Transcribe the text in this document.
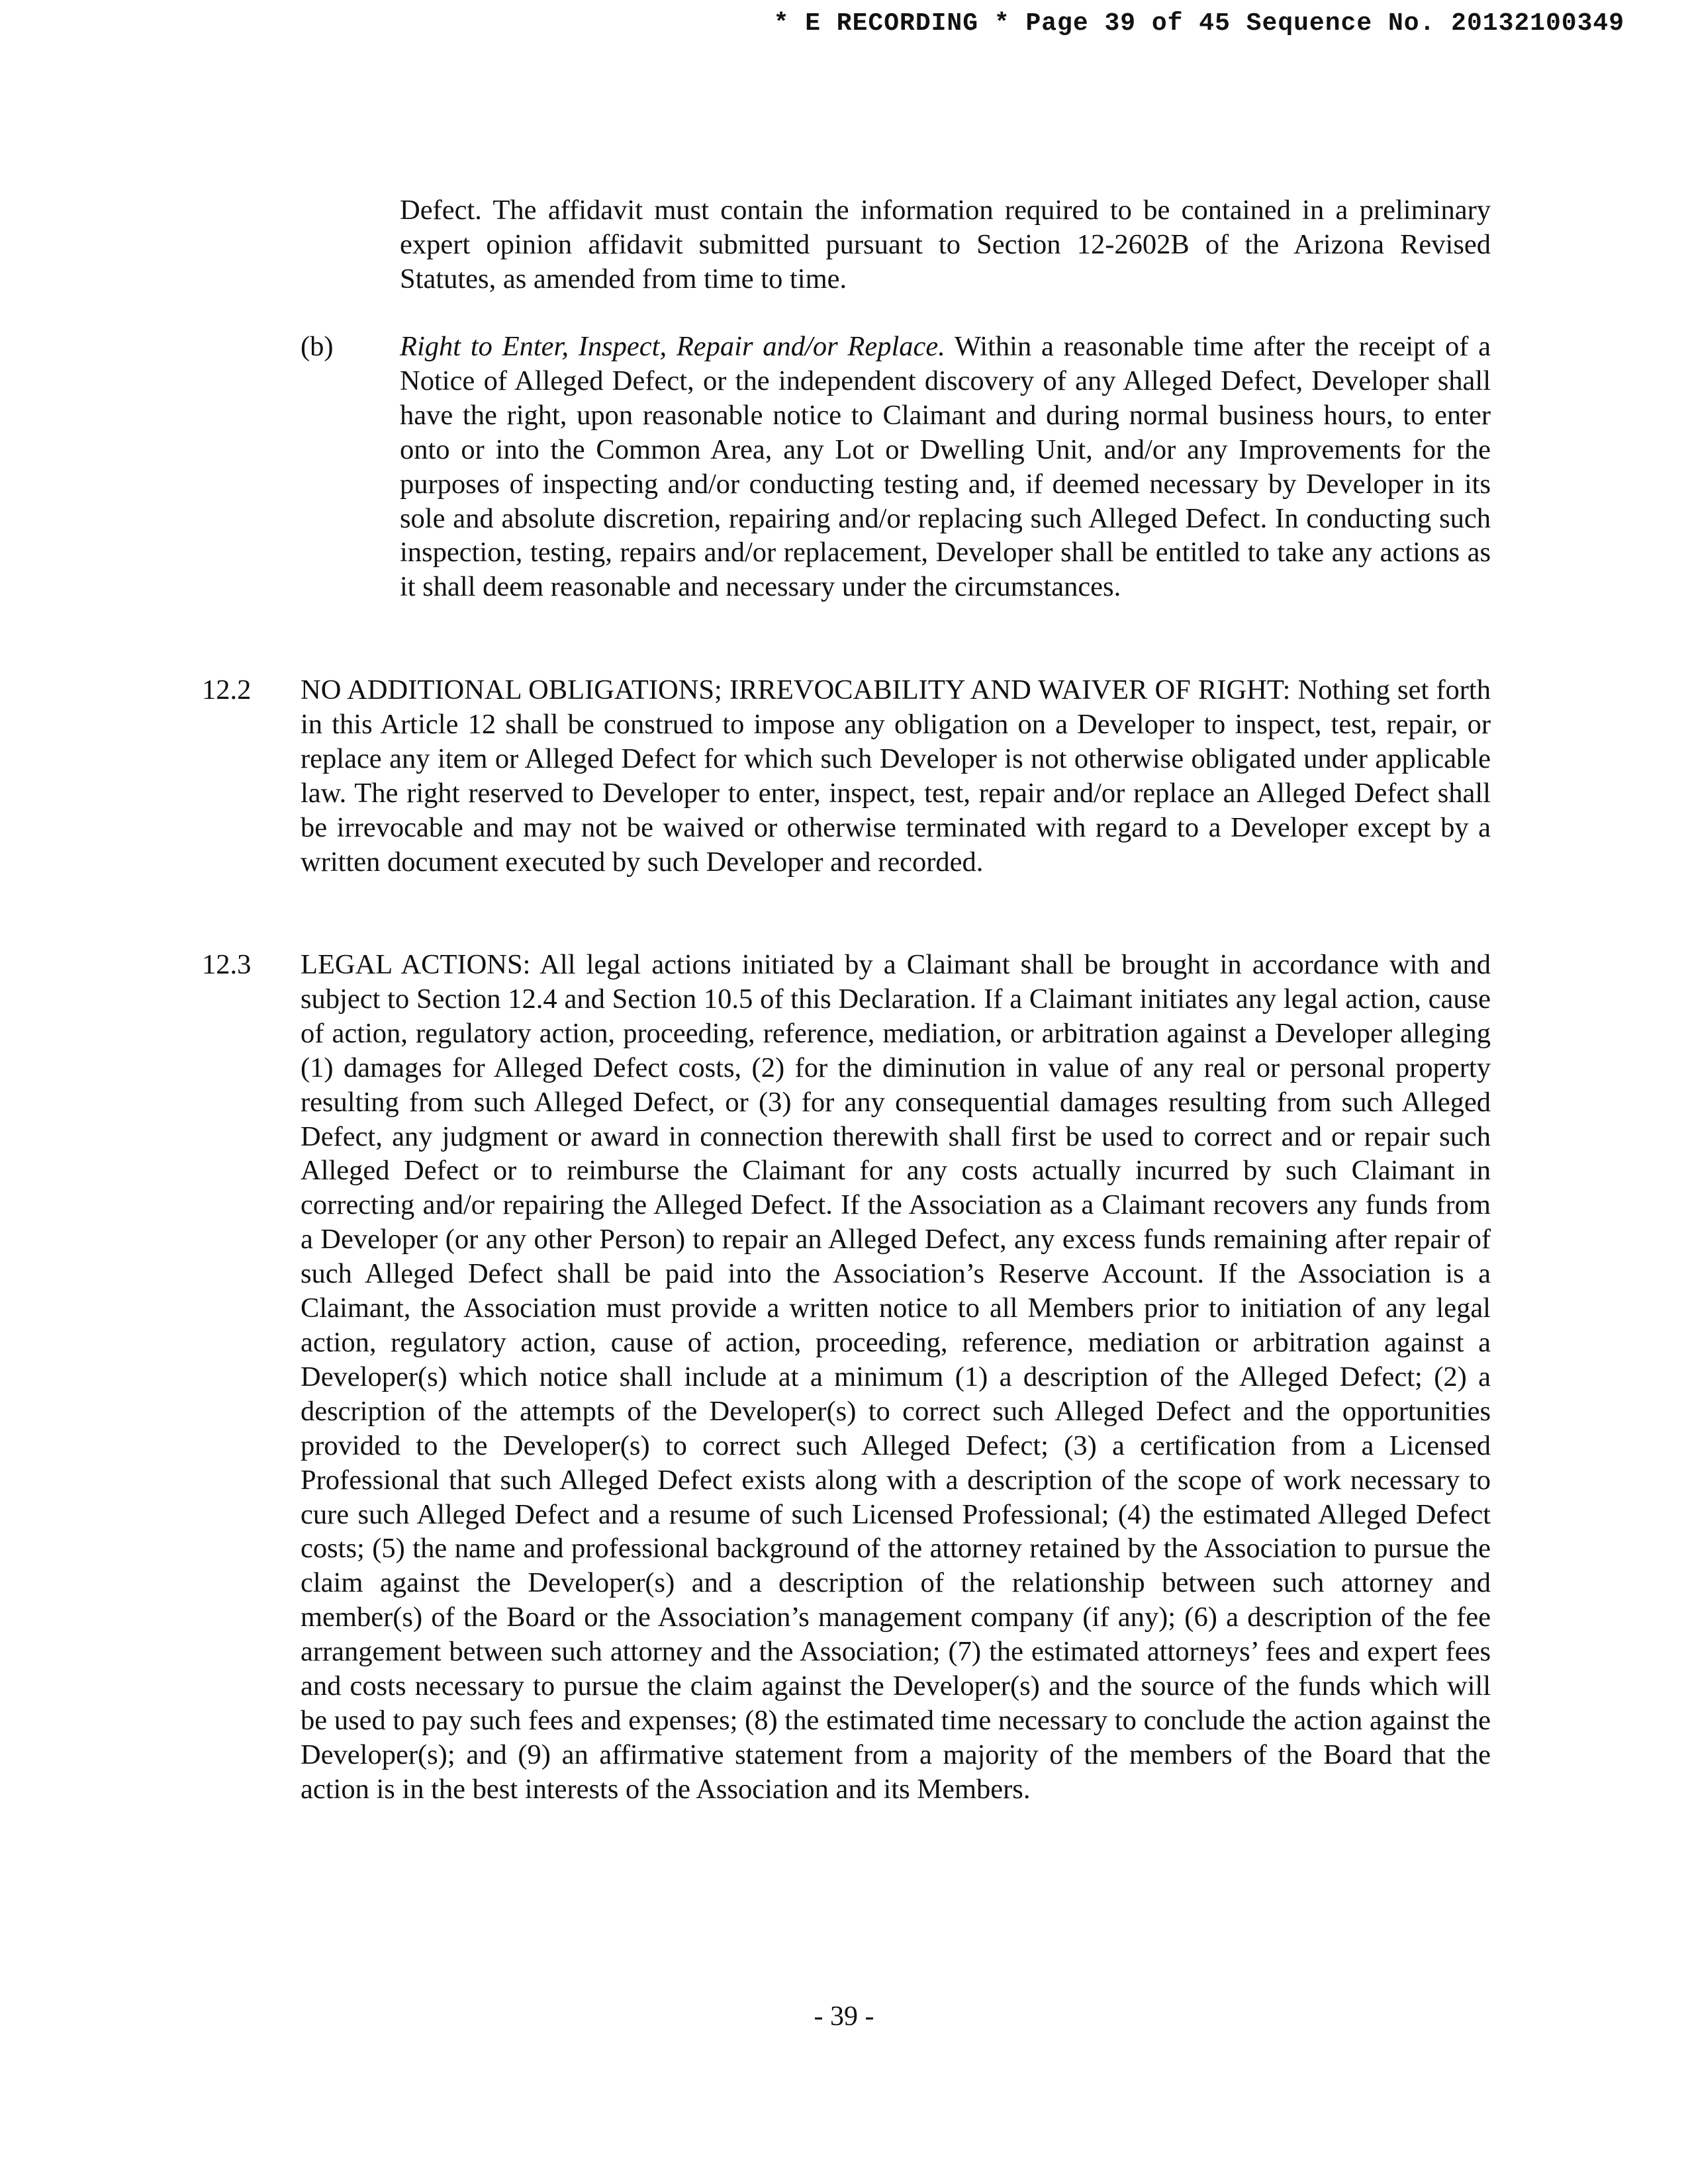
* E RECORDING * Page 39 of 45 Sequence No. 20132100349
Defect. The affidavit must contain the information required to be contained in a preliminary expert opinion affidavit submitted pursuant to Section 12-2602B of the Arizona Revised Statutes, as amended from time to time.
(b) Right to Enter, Inspect, Repair and/or Replace. Within a reasonable time after the receipt of a Notice of Alleged Defect, or the independent discovery of any Alleged Defect, Developer shall have the right, upon reasonable notice to Claimant and during normal business hours, to enter onto or into the Common Area, any Lot or Dwelling Unit, and/or any Improvements for the purposes of inspecting and/or conducting testing and, if deemed necessary by Developer in its sole and absolute discretion, repairing and/or replacing such Alleged Defect. In conducting such inspection, testing, repairs and/or replacement, Developer shall be entitled to take any actions as it shall deem reasonable and necessary under the circumstances.
12.2 NO ADDITIONAL OBLIGATIONS; IRREVOCABILITY AND WAIVER OF RIGHT: Nothing set forth in this Article 12 shall be construed to impose any obligation on a Developer to inspect, test, repair, or replace any item or Alleged Defect for which such Developer is not otherwise obligated under applicable law. The right reserved to Developer to enter, inspect, test, repair and/or replace an Alleged Defect shall be irrevocable and may not be waived or otherwise terminated with regard to a Developer except by a written document executed by such Developer and recorded.
12.3 LEGAL ACTIONS: All legal actions initiated by a Claimant shall be brought in accordance with and subject to Section 12.4 and Section 10.5 of this Declaration. If a Claimant initiates any legal action, cause of action, regulatory action, proceeding, reference, mediation, or arbitration against a Developer alleging (1) damages for Alleged Defect costs, (2) for the diminution in value of any real or personal property resulting from such Alleged Defect, or (3) for any consequential damages resulting from such Alleged Defect, any judgment or award in connection therewith shall first be used to correct and or repair such Alleged Defect or to reimburse the Claimant for any costs actually incurred by such Claimant in correcting and/or repairing the Alleged Defect. If the Association as a Claimant recovers any funds from a Developer (or any other Person) to repair an Alleged Defect, any excess funds remaining after repair of such Alleged Defect shall be paid into the Association’s Reserve Account. If the Association is a Claimant, the Association must provide a written notice to all Members prior to initiation of any legal action, regulatory action, cause of action, proceeding, reference, mediation or arbitration against a Developer(s) which notice shall include at a minimum (1) a description of the Alleged Defect; (2) a description of the attempts of the Developer(s) to correct such Alleged Defect and the opportunities provided to the Developer(s) to correct such Alleged Defect; (3) a certification from a Licensed Professional that such Alleged Defect exists along with a description of the scope of work necessary to cure such Alleged Defect and a resume of such Licensed Professional; (4) the estimated Alleged Defect costs; (5) the name and professional background of the attorney retained by the Association to pursue the claim against the Developer(s) and a description of the relationship between such attorney and member(s) of the Board or the Association’s management company (if any); (6) a description of the fee arrangement between such attorney and the Association; (7) the estimated attorneys’ fees and expert fees and costs necessary to pursue the claim against the Developer(s) and the source of the funds which will be used to pay such fees and expenses; (8) the estimated time necessary to conclude the action against the Developer(s); and (9) an affirmative statement from a majority of the members of the Board that the action is in the best interests of the Association and its Members.
- 39 -
